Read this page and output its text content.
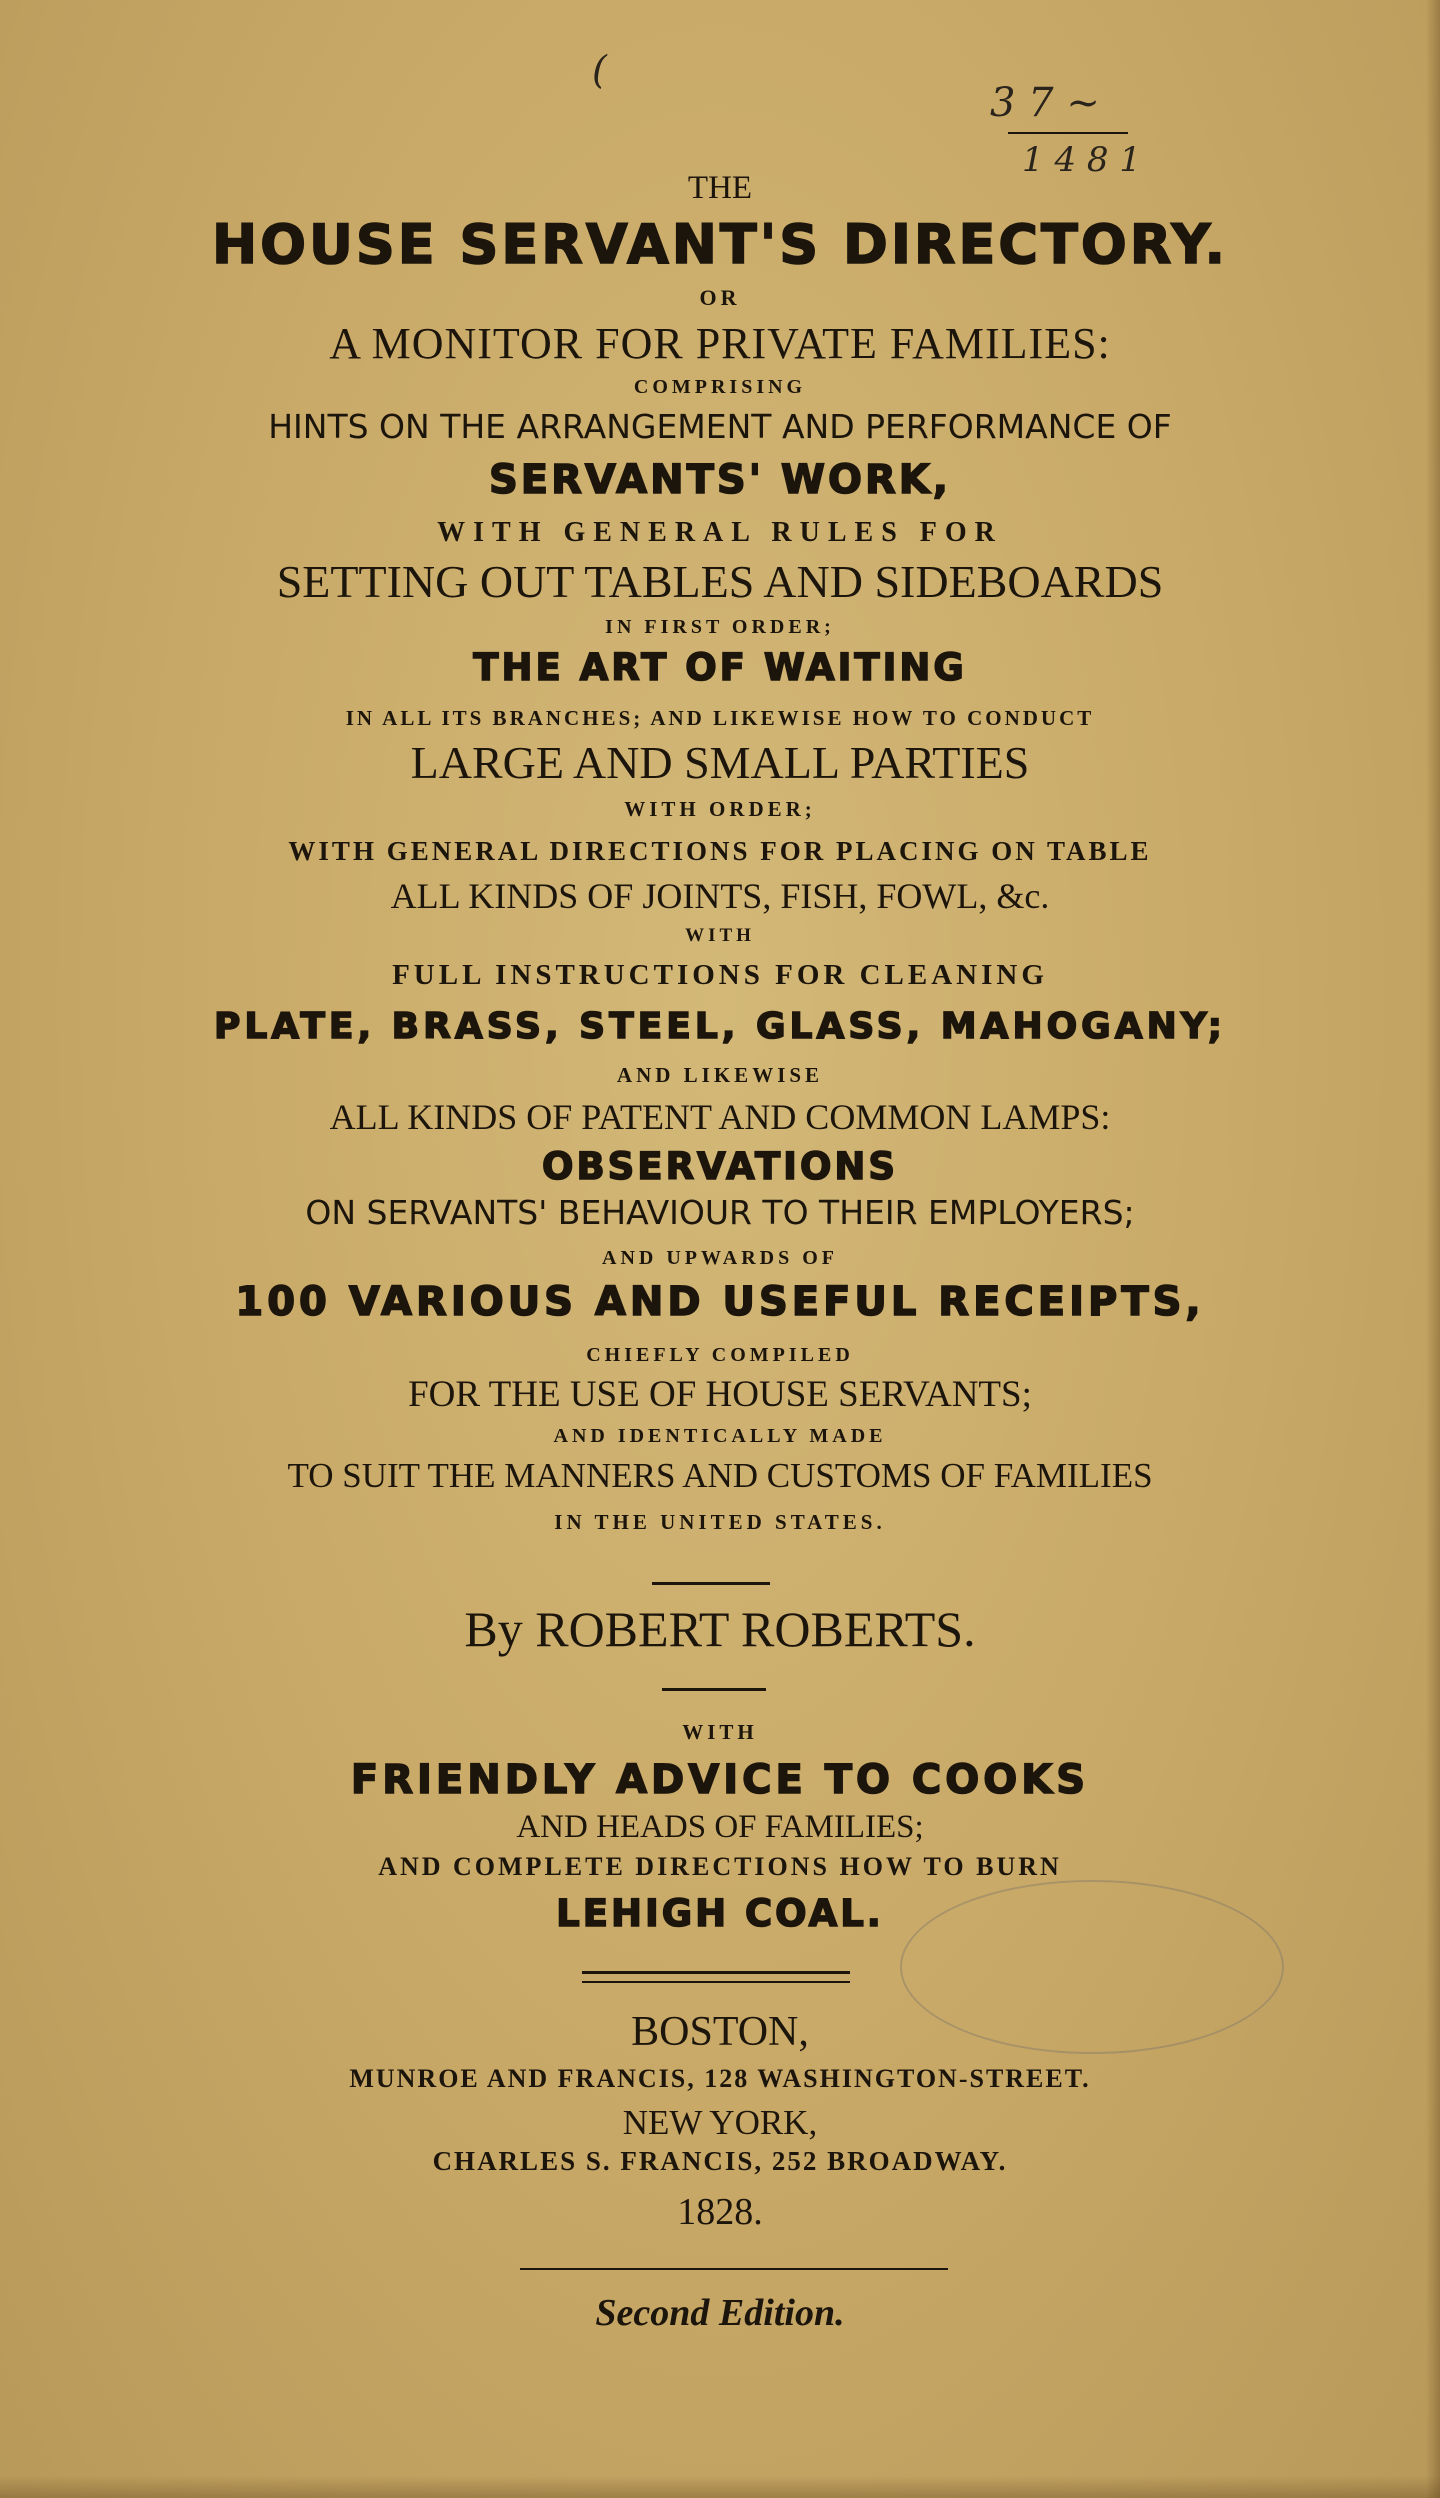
(
3 7 ~
1 4 8 1
THE
HOUSE SERVANT'S DIRECTORY.
OR
A MONITOR FOR PRIVATE FAMILIES:
COMPRISING
HINTS ON THE ARRANGEMENT AND PERFORMANCE OF
SERVANTS' WORK,
WITH GENERAL RULES FOR
SETTING OUT TABLES AND SIDEBOARDS
IN FIRST ORDER;
THE ART OF WAITING
IN ALL ITS BRANCHES; AND LIKEWISE HOW TO CONDUCT
LARGE AND SMALL PARTIES
WITH ORDER;
WITH GENERAL DIRECTIONS FOR PLACING ON TABLE
ALL KINDS OF JOINTS, FISH, FOWL, &c.
WITH
FULL INSTRUCTIONS FOR CLEANING
PLATE, BRASS, STEEL, GLASS, MAHOGANY;
AND LIKEWISE
ALL KINDS OF PATENT AND COMMON LAMPS:
OBSERVATIONS
ON SERVANTS' BEHAVIOUR TO THEIR EMPLOYERS;
AND UPWARDS OF
100 VARIOUS AND USEFUL RECEIPTS,
CHIEFLY COMPILED
FOR THE USE OF HOUSE SERVANTS;
AND IDENTICALLY MADE
TO SUIT THE MANNERS AND CUSTOMS OF FAMILIES
IN THE UNITED STATES.
By ROBERT ROBERTS.
WITH
FRIENDLY ADVICE TO COOKS
AND HEADS OF FAMILIES;
AND COMPLETE DIRECTIONS HOW TO BURN
LEHIGH COAL.
BOSTON,
MUNROE AND FRANCIS, 128 WASHINGTON-STREET.
NEW YORK,
CHARLES S. FRANCIS, 252 BROADWAY.
1828.
Second Edition.
